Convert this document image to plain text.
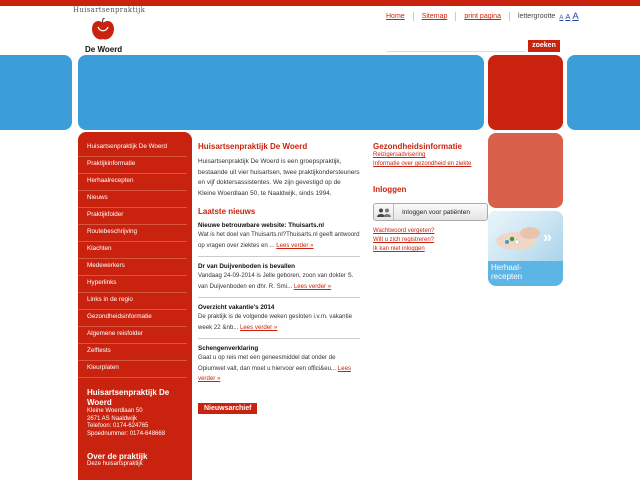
Huisartsenpraktijk
De Woerd
Home Sitemap print pagina lettergrootte A A A
zoeken
»
Herhaal-
recepten
Huisartsenpraktijk De Woerd
Praktijkinformatie
Herhaalrecepten
Nieuws
Praktijkfolder
Routebeschrijving
Klachten
Medewerkers
Hyperlinks
Links in de regio
Gezondheidsinformatie
Algemene reisfolder
Zelftests
Kleurplaten
Huisartsenpraktijk De Woerd
Kleine Woerdlaan 50
2671 AS Naaldwijk
Telefoon: 0174-624765
Spoednummer: 0174-648668
Over de praktijk
Deze huisartspraktijk
Huisartsenpraktijk De Woerd

Huisartsenpraktijk De Woerd is een groepspraktijk, bestaande uit vier huisartsen, twee praktijkondersteuners en vijf doktersassistentes. We zijn gevestigd op de Kleine Woerdlaan 50, te Naaldwijk, sinds 1994.

Laatste nieuws
Nieuwe betrouwbare website: Thuisarts.nl
Wat is het doel van Thuisarts.nl?Thuisarts.nl geeft antwoord op vragen over ziektes en ... Lees verder »
Dr van Duijvenboden is bevallen
Vandaag 24-09-2014 is Jelle geboren, zoon van dokter S. van Duijvenboden en dhr. R. Smi... Lees verder »
Overzicht vakantie's 2014
De praktijk is de volgende weken gesloten i.v.m. vakantie week 22 &nb... Lees verder »
Schengenverklaring
Gaat u op reis met een geneesmiddel dat onder de Opiumwet valt, dan moet u hiervoor een offici&eu... Lees verder »
Nieuwsarchief
Gezondheidsinformatie
Reizigersadvisering
Informatie over gezondheid en ziekte
Inloggen
Inloggen voor patiënten
Wachtwoord vergeten?
Wilt u zich registreren?
Ik kan niet inloggen
